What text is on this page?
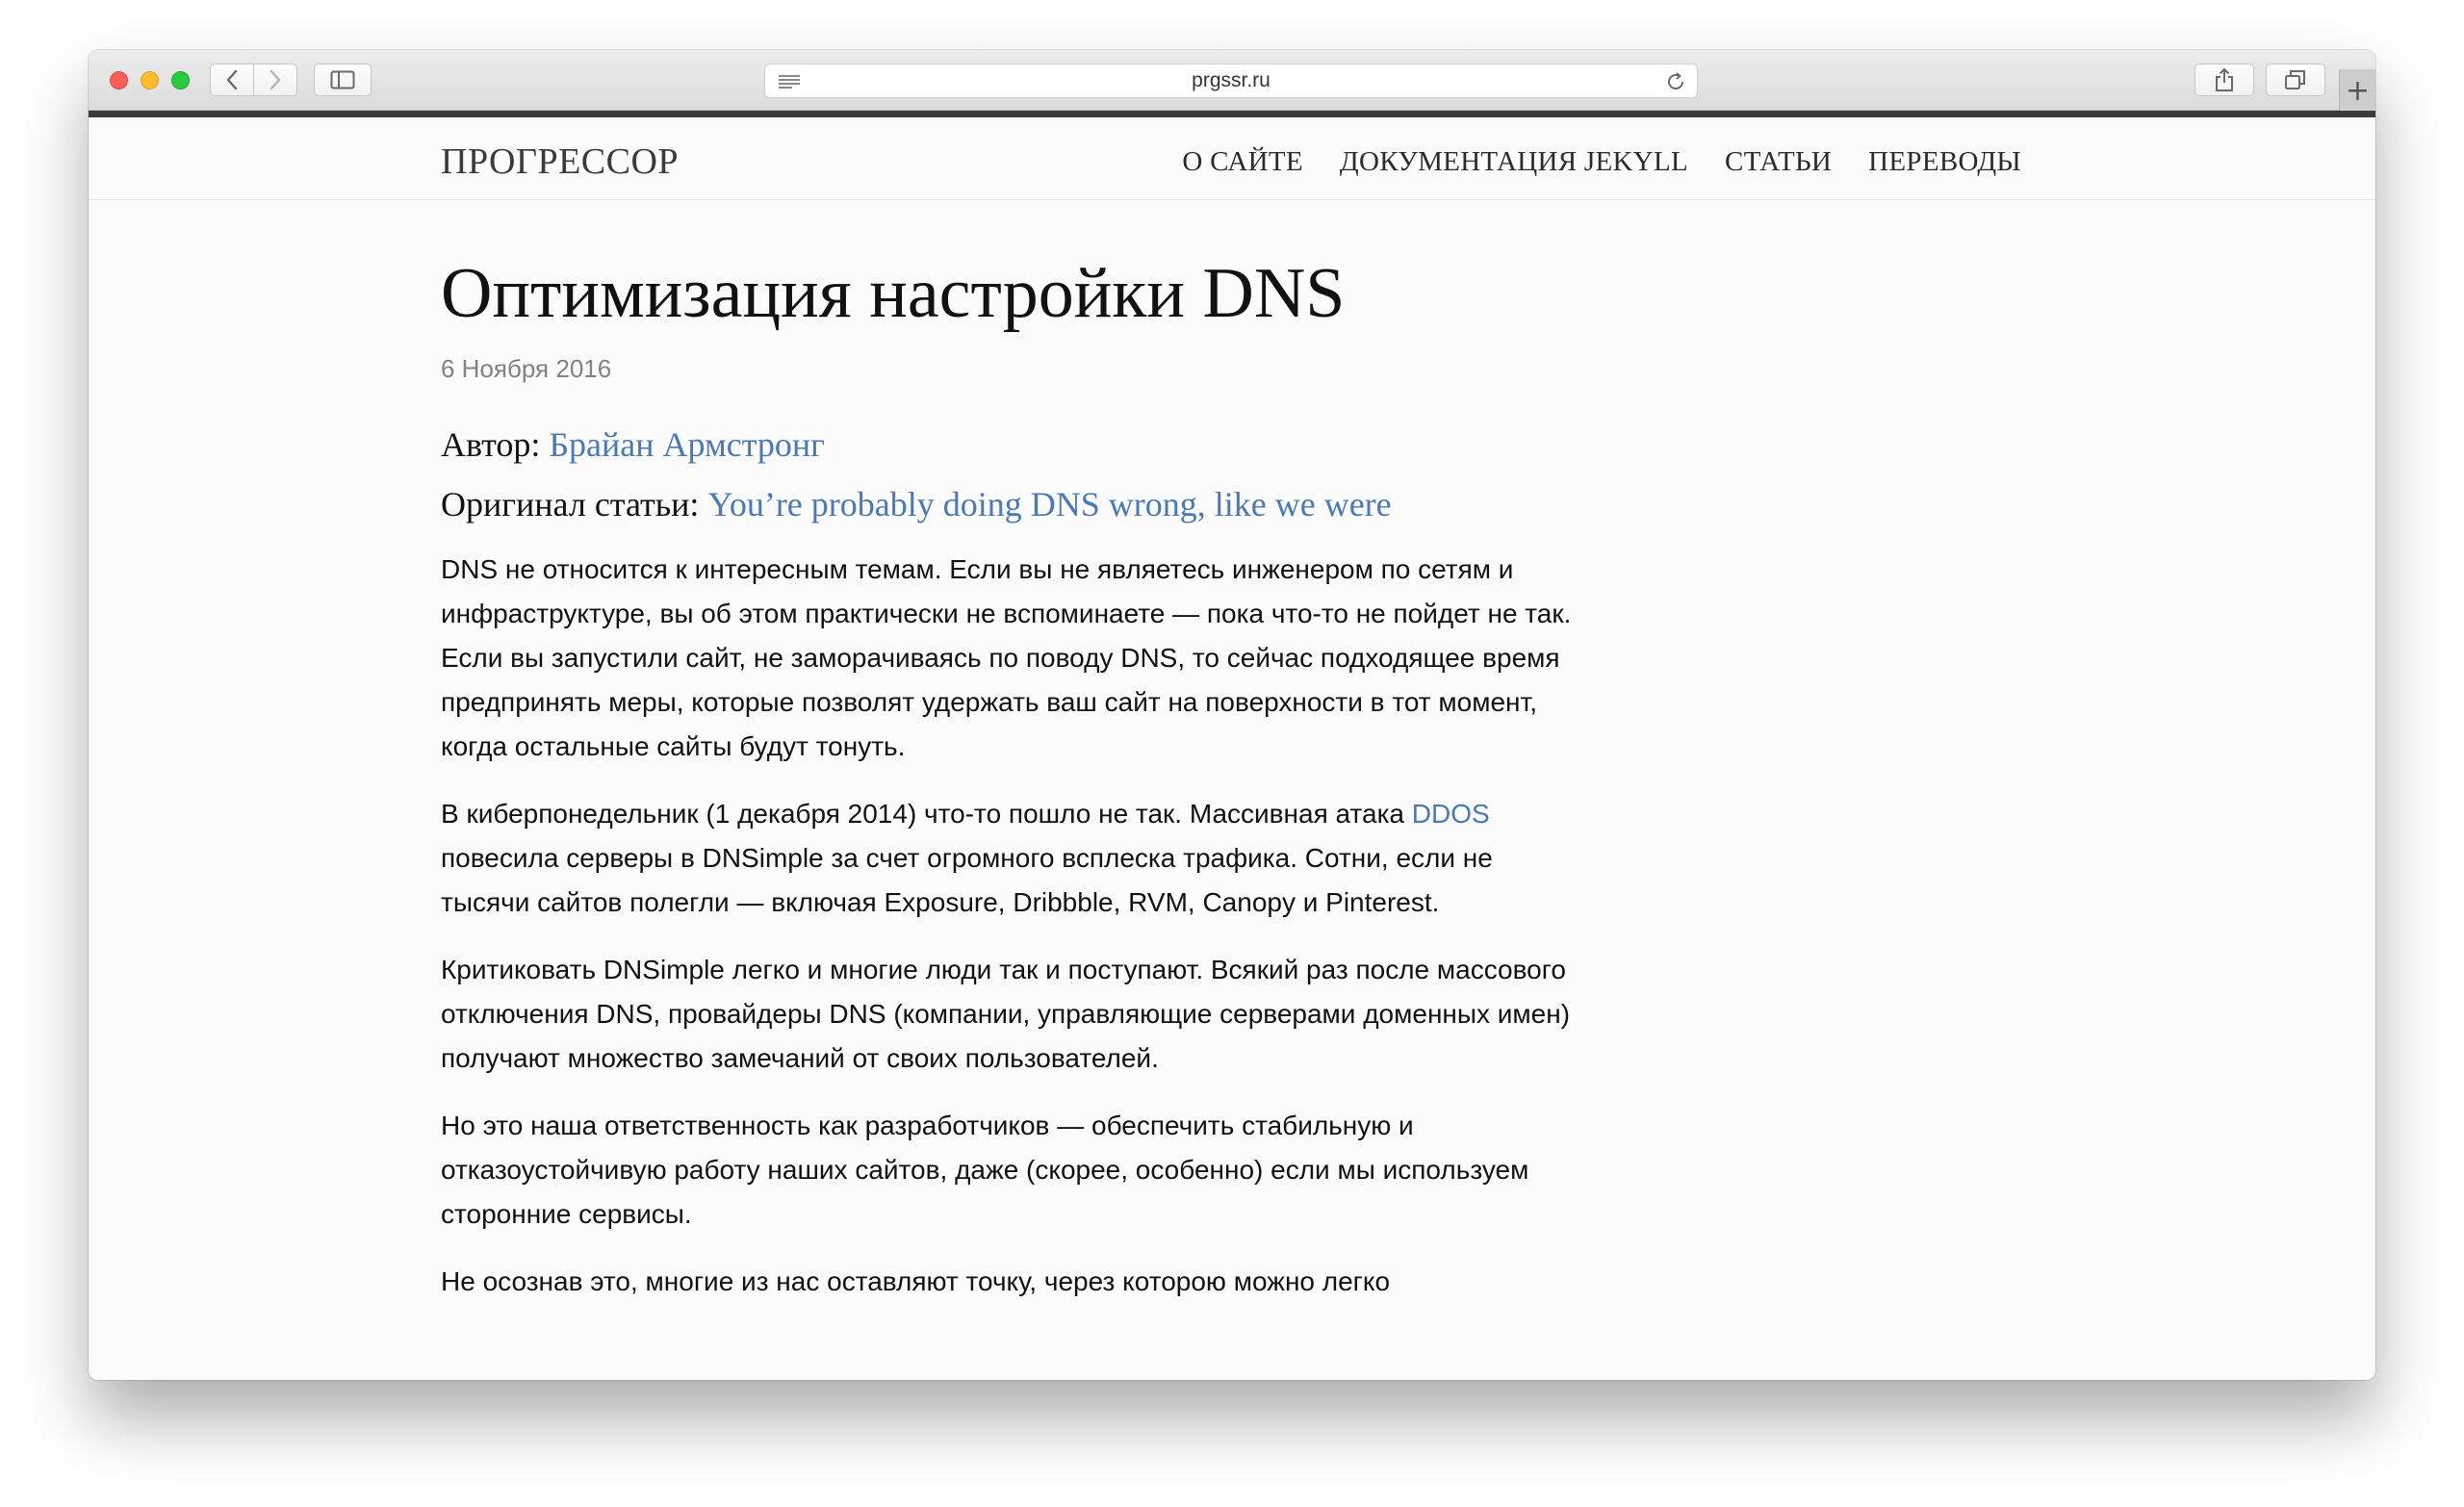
prgssr.ru	+
ПРОГРЕССОР	О САЙТЕ ДОКУМЕНТАЦИЯ JEKYLL СТАТЬИ ПЕРЕВОДЫ
Оптимизация настройки DNS
6 Ноября 2016
Автор: Брайан Армстронг
Оригинал статьи: You’re probably doing DNS wrong, like we were

DNS не относится к интересным темам. Если вы не являетесь инженером по сетям и инфраструктуре, вы об этом практически не вспоминаете — пока что-то не пойдет не так. Если вы запустили сайт, не заморачиваясь по поводу DNS, то сейчас подходящее время предпринять меры, которые позволят удержать ваш сайт на поверхности в тот момент, когда остальные сайты будут тонуть.

В киберпонедельник (1 декабря 2014) что-то пошло не так. Массивная атака DDOS повесила серверы в DNSimple за счет огромного всплеска трафика. Сотни, если не тысячи сайтов полегли — включая Exposure, Dribbble, RVM, Canopy и Pinterest.

Критиковать DNSimple легко и многие люди так и поступают. Всякий раз после массового отключения DNS, провайдеры DNS (компании, управляющие серверами доменных имен) получают множество замечаний от своих пользователей.

Но это наша ответственность как разработчиков — обеспечить стабильную и отказоустойчивую работу наших сайтов, даже (скорее, особенно) если мы используем сторонние сервисы.

Не осознав это, многие из нас оставляют точку, через которою можно легко
